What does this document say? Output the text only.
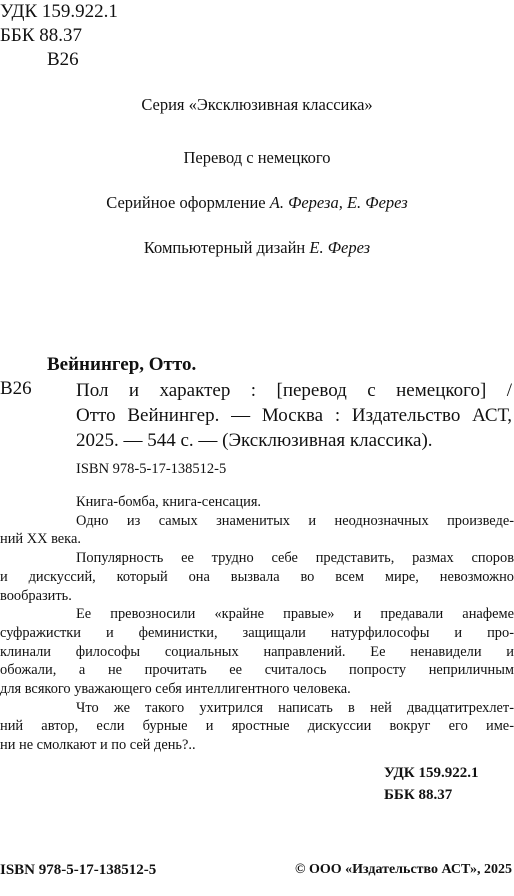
УДК 159.922.1
ББК 88.37
В26
Серия «Эксклюзивная классика»
Перевод с немецкого
Серийное оформление А. Фереза, Е. Ферез
Компьютерный дизайн Е. Ферез
Вейнингер, Отто.
В26 Пол и характер : [перевод с немецкого] /
Отто Вейнингер. — Москва : Издательство АСТ,
2025. — 544 с. — (Эксклюзивная классика).
ISBN 978-5-17-138512-5
Книга-бомба, книга-сенсация.
Одно из самых знаменитых и неоднозначных произведе-
ний XX века.
Популярность ее трудно себе представить, размах споров
и дискуссий, который она вызвала во всем мире, невозможно
вообразить.
Ее превозносили «крайне правые» и предавали анафеме
суфражистки и феминистки, защищали натурфилософы и про-
клинали философы социальных направлений. Ее ненавидели и
обожали, а не прочитать ее считалось попросту неприличным
для всякого уважающего себя интеллигентного человека.
Что же такого ухитрился написать в ней двадцатитрехлет-
ний автор, если бурные и яростные дискуссии вокруг его име-
ни не смолкают и по сей день?..
УДК 159.922.1
ББК 88.37
ISBN 978-5-17-138512-5	© ООО «Издательство АСТ», 2025
